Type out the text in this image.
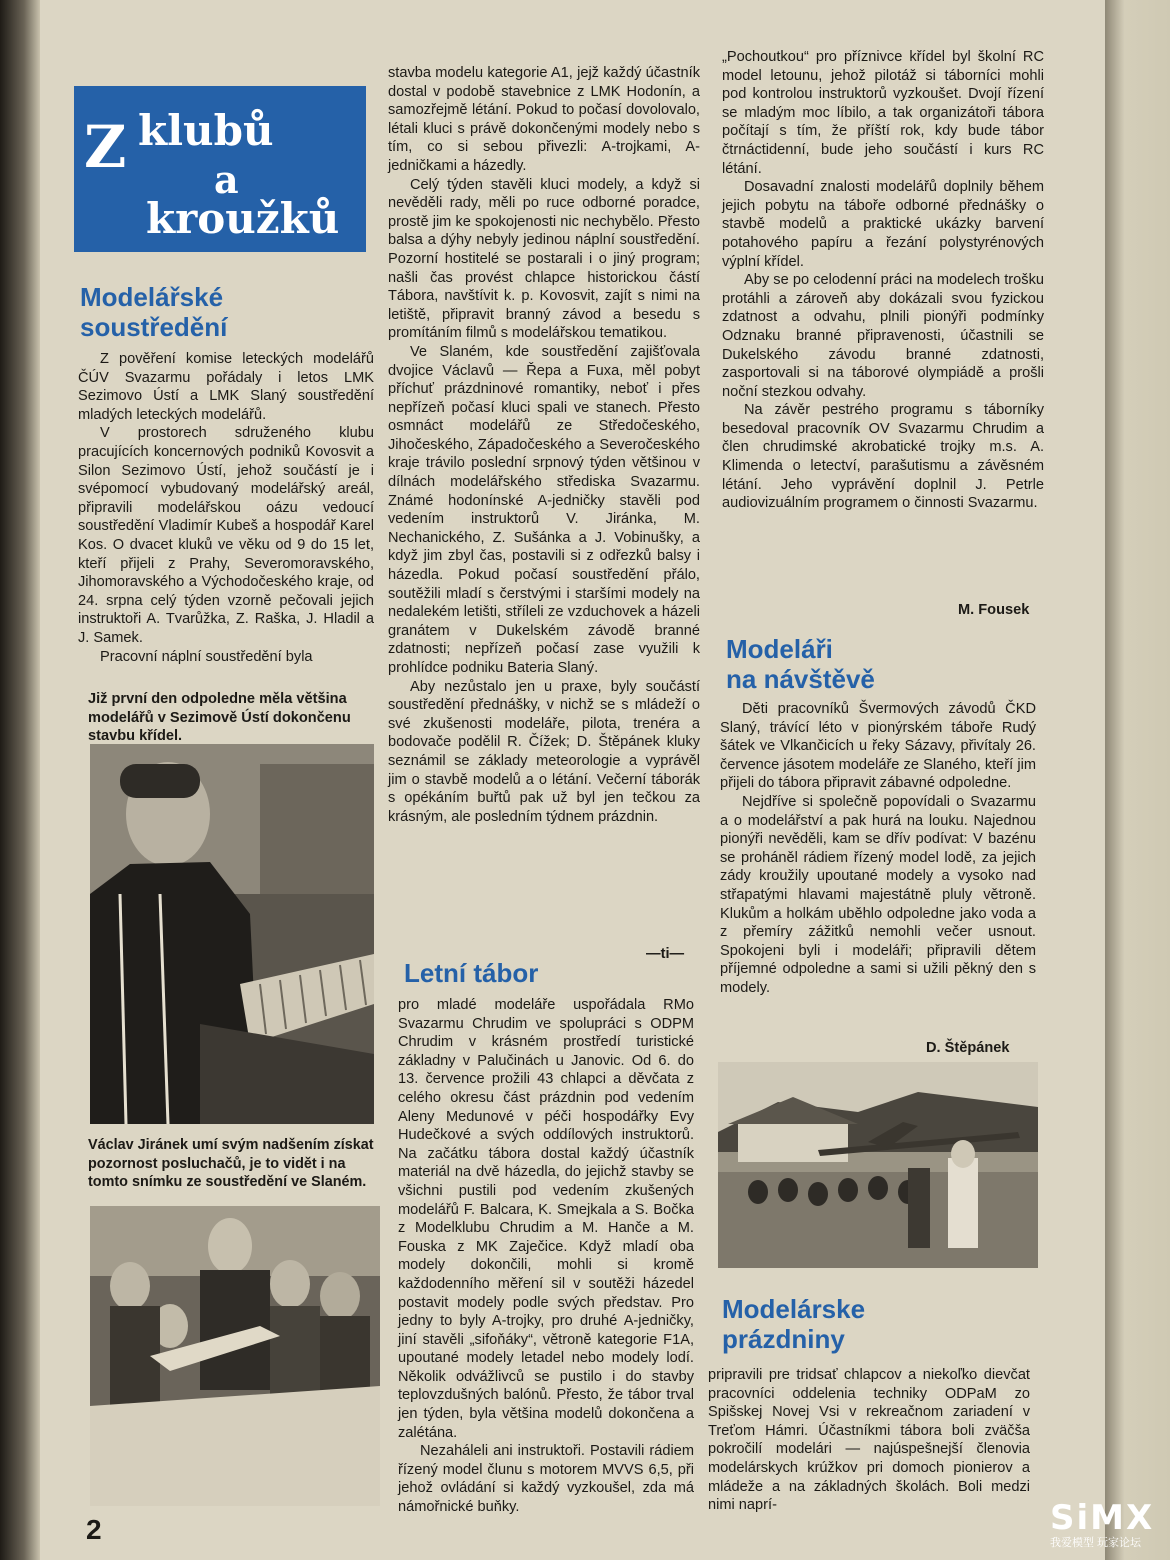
Z klubů
a
kroužků
Modelářské
soustředění

Z pověření komise leteckých modelářů ČÚV Svazarmu pořádaly i letos LMK Sezimovo Ústí a LMK Slaný soustředění mladých leteckých modelářů.

V prostorech sdruženého klubu pracujících koncernových podniků Kovosvit a Silon Sezimovo Ústí, jehož součástí je i svépomocí vybudovaný modelářský areál, připravili modelářskou oázu vedoucí soustředění Vladimír Kubeš a hospodář Karel Kos. O dvacet kluků ve věku od 9 do 15 let, kteří přijeli z Prahy, Severomoravského, Jihomoravského a Východočeského kraje, od 24. srpna celý týden vzorně pečovali jejich instruktoři A. Tvarůžka, Z. Raška, J. Hladil a J. Samek.

Pracovní náplní soustředění byla

Již první den odpoledne měla většina modelářů v Sezimově Ústí dokončenu stavbu křídel.
Václav Jiránek umí svým nadšením získat pozornost posluchačů, je to vidět i na tomto snímku ze soustředění ve Slaném.
2

stavba modelu kategorie A1, jejž každý účastník dostal v podobě stavebnice z LMK Hodonín, a samozřejmě létání. Pokud to počasí dovolovalo, létali kluci s právě dokončenými modely nebo s tím, co si sebou přivezli: A-trojkami, A-jedničkami a házedly.

Celý týden stavěli kluci modely, a když si nevěděli rady, měli po ruce odborné poradce, prostě jim ke spokojenosti nic nechybělo. Přesto balsa a dýhy nebyly jedinou náplní soustředění. Pozorní hostitelé se postarali i o jiný program; našli čas provést chlapce historickou částí Tábora, navštívit k. p. Kovosvit, zajít s nimi na letiště, připravit branný závod a besedu s promítáním filmů s modelářskou tematikou.

Ve Slaném, kde soustředění zajišťovala dvojice Václavů — Řepa a Fuxa, měl pobyt příchuť prázdninové romantiky, neboť i přes nepřízeň počasí kluci spali ve stanech. Přesto osmnáct modelářů ze Středočeského, Jihočeského, Západočeského a Severočeského kraje trávilo poslední srpnový týden většinou v dílnách modelářského střediska Svazarmu. Známé hodonínské A-jedničky stavěli pod vedením instruktorů V. Jiránka, M. Nechanického, Z. Sušánka a J. Vobinušky, a když jim zbyl čas, postavili si z odřezků balsy i házedla. Pokud počasí soustředění přálo, soutěžili mladí s čerstvými i staršími modely na nedalekém letišti, stříleli ze vzduchovek a házeli granátem v Dukelském závodě branné zdatnosti; nepřízeň počasí zase využili k prohlídce podniku Bateria Slaný.

Aby nezůstalo jen u praxe, byly součástí soustředění přednášky, v nichž se s mládeží o své zkušenosti modeláře, pilota, trenéra a bodovače podělil R. Čížek; D. Štěpánek kluky seznámil se základy meteorologie a vyprávěl jim o stavbě modelů a o létání. Večerní táborák s opékáním buřtů pak už byl jen tečkou za krásným, ale posledním týdnem prázdnin.

—ti—
Letní tábor

pro mladé modeláře uspořádala RMo Svazarmu Chrudim ve spolupráci s ODPM Chrudim v krásném prostředí turistické základny v Palučinách u Janovic. Od 6. do 13. července prožili 43 chlapci a děvčata z celého okresu část prázdnin pod vedením Aleny Medunové v péči hospodářky Evy Hudečkové a svých oddílových instruktorů. Na začátku tábora dostal každý účastník materiál na dvě házedla, do jejichž stavby se všichni pustili pod vedením zkušených modelářů F. Balcara, K. Smejkala a S. Bočka z Modelklubu Chrudim a M. Hanče a M. Fouska z MK Zaječice. Když mladí oba modely dokončili, mohli si kromě každodenního měření sil v soutěži házedel postavit modely podle svých představ. Pro jedny to byly A-trojky, pro druhé A-jedničky, jiní stavěli „sifoňáky“, větroně kategorie F1A, upoutané modely letadel nebo modely lodí. Několik odvážlivců se pustilo i do stavby teplovzdušných balónů. Přesto, že tábor trval jen týden, byla většina modelů dokončena a zalétána.

Nezaháleli ani instruktoři. Postavili rádiem řízený model člunu s motorem MVVS 6,5, při jehož ovládání si každý vyzkoušel, zda má námořnické buňky.

„Pochoutkou“ pro příznivce křídel byl školní RC model letounu, jehož pilotáž si táborníci mohli pod kontrolou instruktorů vyzkoušet. Dvojí řízení se mladým moc líbilo, a tak organizátoři tábora počítají s tím, že příští rok, kdy bude tábor čtrnáctidenní, bude jeho součástí i kurs RC létání.

Dosavadní znalosti modelářů doplnily během jejich pobytu na táboře odborné přednášky o stavbě modelů a praktické ukázky barvení potahového papíru a řezání polystyrénových výplní křídel.

Aby se po celodenní práci na modelech trošku protáhli a zároveň aby dokázali svou fyzickou zdatnost a odvahu, plnili pionýři podmínky Odznaku branné připravenosti, účastnili se Dukelského závodu branné zdatnosti, zasportovali si na táborové olympiádě a prošli noční stezkou odvahy.

Na závěr pestrého programu s táborníky besedoval pracovník OV Svazarmu Chrudim a člen chrudimské akrobatické trojky m.s. A. Klimenda o letectví, parašutismu a závěsném létání. Jeho vyprávění doplnil J. Petrle audiovizuálním programem o činnosti Svazarmu.

M. Fousek
Modeláři
na návštěvě

Děti pracovníků Švermových závodů ČKD Slaný, trávící léto v pionýrském táboře Rudý šátek ve Vlkančicích u řeky Sázavy, přivítaly 26. července jásotem modeláře ze Slaného, kteří jim přijeli do tábora připravit zábavné odpoledne.

Nejdříve si společně popovídali o Svazarmu a o modelářství a pak hurá na louku. Najednou pionýři nevěděli, kam se dřív podívat: V bazénu se proháněl rádiem řízený model lodě, za jejich zády kroužily upoutané modely a vysoko nad střapatými hlavami majestátně pluly větroně. Klukům a holkám uběhlo odpoledne jako voda a z přemíry zážitků nemohli večer usnout. Spokojeni byli i modeláři; připravili dětem příjemné odpoledne a sami si užili pěkný den s modely.

D. Štěpánek
Modelárske
prázdniny

pripravili pre tridsať chlapcov a niekoľko dievčat pracovníci oddelenia techniky ODPaM zo Spišskej Novej Vsi v rekreačnom zariadení v Treťom Hámri. Účastníkmi tábora boli zväčša pokročilí modelári — najúspešnejší členovia modelárskych krúžkov pri domoch pionierov a mládeže a na základných školách. Boli medzi nimi naprí-	SiMX
我爱模型 玩家论坛
